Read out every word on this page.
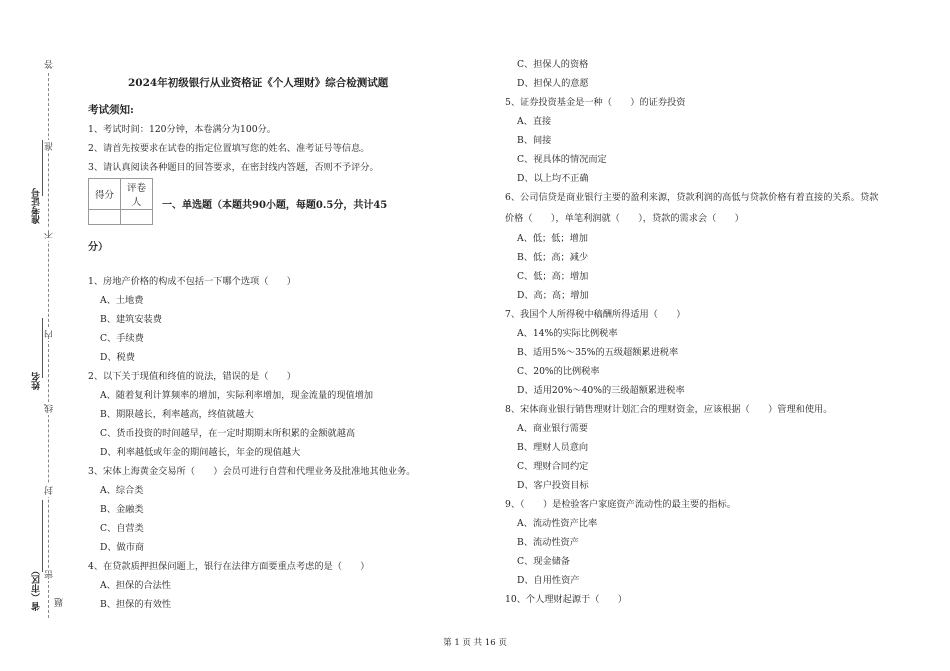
答
准
不
内
线
封
密
题
准考证号
姓名
省（市区）
2024年初级银行从业资格证《个人理财》综合检测试题
考试须知:
1、考试时间：120分钟，本卷满分为100分。
2、请首先按要求在试卷的指定位置填写您的姓名、准考证号等信息。
3、请认真阅读各种题目的回答要求，在密封线内答题，否则不予评分。
得分	评卷人
	一、单选题（本题共90小题，每题0.5分，共计45
分）
1、房地产价格的构成不包括一下哪个选项（　　）
A、土地费
B、建筑安装费
C、手续费
D、税费
2、以下关于现值和终值的说法，错误的是（　　）
A、随着复利计算频率的增加，实际利率增加，现金流量的现值增加
B、期限越长，利率越高，终值就越大
C、货币投资的时间越早，在一定时期期末所积累的金额就越高
D、利率越低或年金的期间越长，年金的现值越大
3、宋体上海黄金交易所（　　）会员可进行自营和代理业务及批准地其他业务。
A、综合类
B、金融类
C、自营类
D、做市商
4、在贷款质押担保问题上，银行在法律方面要重点考虑的是（　　）
A、担保的合法性
B、担保的有效性
C、担保人的资格
D、担保人的意愿
5、证券投资基金是一种（　　）的证券投资
A、直接
B、间接
C、视具体的情况而定
D、以上均不正确
6、公司信贷是商业银行主要的盈利来源，贷款利润的高低与贷款价格有着直接的关系。贷款
价格（　　），单笔利润就（　　），贷款的需求会（　　）
A、低；低；增加
B、低；高；减少
C、低；高；增加
D、高；高；增加
7、我国个人所得税中稿酬所得适用（　　）
A、14%的实际比例税率
B、适用5%～35%的五级超额累进税率
C、20%的比例税率
D、适用20%～40%的三级超额累进税率
8、宋体商业银行销售理财计划汇合的理财资金，应该根据（　　）管理和使用。
A、商业银行需要
B、理财人员意向
C、理财合同约定
D、客户投资目标
9、（　　）是检验客户家庭资产流动性的最主要的指标。
A、流动性资产比率
B、流动性资产
C、现金储备
D、自用性资产
10、个人理财起源于（　　）
第 1 页 共 16 页
